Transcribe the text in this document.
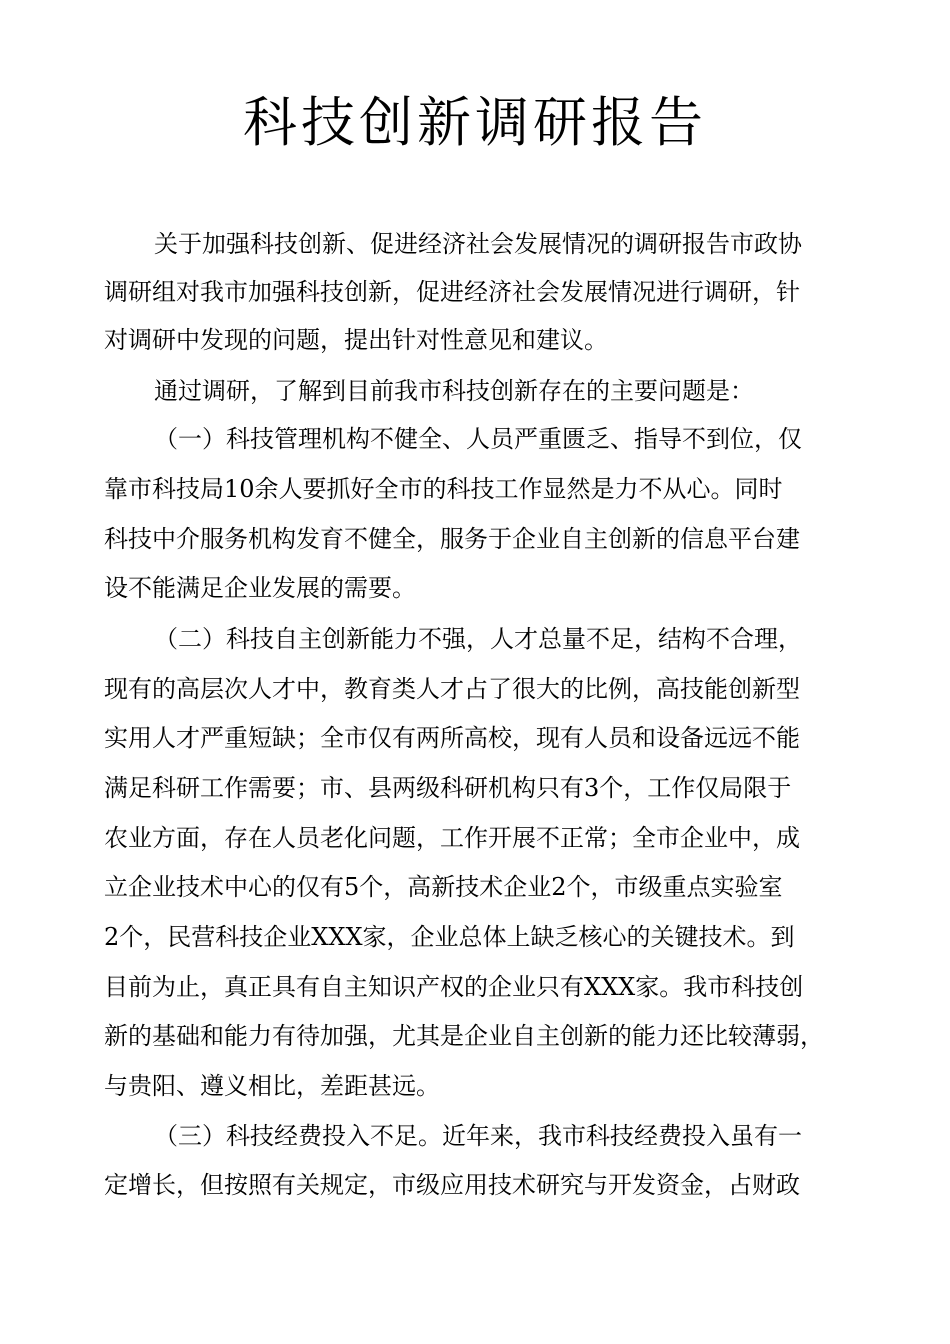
科技创新调研报告
关于加强科技创新、促进经济社会发展情况的调研报告市政协
调研组对我市加强科技创新，促进经济社会发展情况进行调研，针
对调研中发现的问题，提出针对性意见和建议。
通过调研，了解到目前我市科技创新存在的主要问题是：
（一）科技管理机构不健全、人员严重匮乏、指导不到位，仅
靠市科技局10余人要抓好全市的科技工作显然是力不从心。同时
科技中介服务机构发育不健全，服务于企业自主创新的信息平台建
设不能满足企业发展的需要。
（二）科技自主创新能力不强，人才总量不足，结构不合理，
现有的高层次人才中，教育类人才占了很大的比例，高技能创新型
实用人才严重短缺；全市仅有两所高校，现有人员和设备远远不能
满足科研工作需要；市、县两级科研机构只有3个，工作仅局限于
农业方面，存在人员老化问题，工作开展不正常；全市企业中，成
立企业技术中心的仅有5个，高新技术企业2个，市级重点实验室
2个，民营科技企业XXX家，企业总体上缺乏核心的关键技术。到
目前为止，真正具有自主知识产权的企业只有XXX家。我市科技创
新的基础和能力有待加强，尤其是企业自主创新的能力还比较薄弱，
与贵阳、遵义相比，差距甚远。
（三）科技经费投入不足。近年来，我市科技经费投入虽有一
定增长，但按照有关规定，市级应用技术研究与开发资金，占财政
